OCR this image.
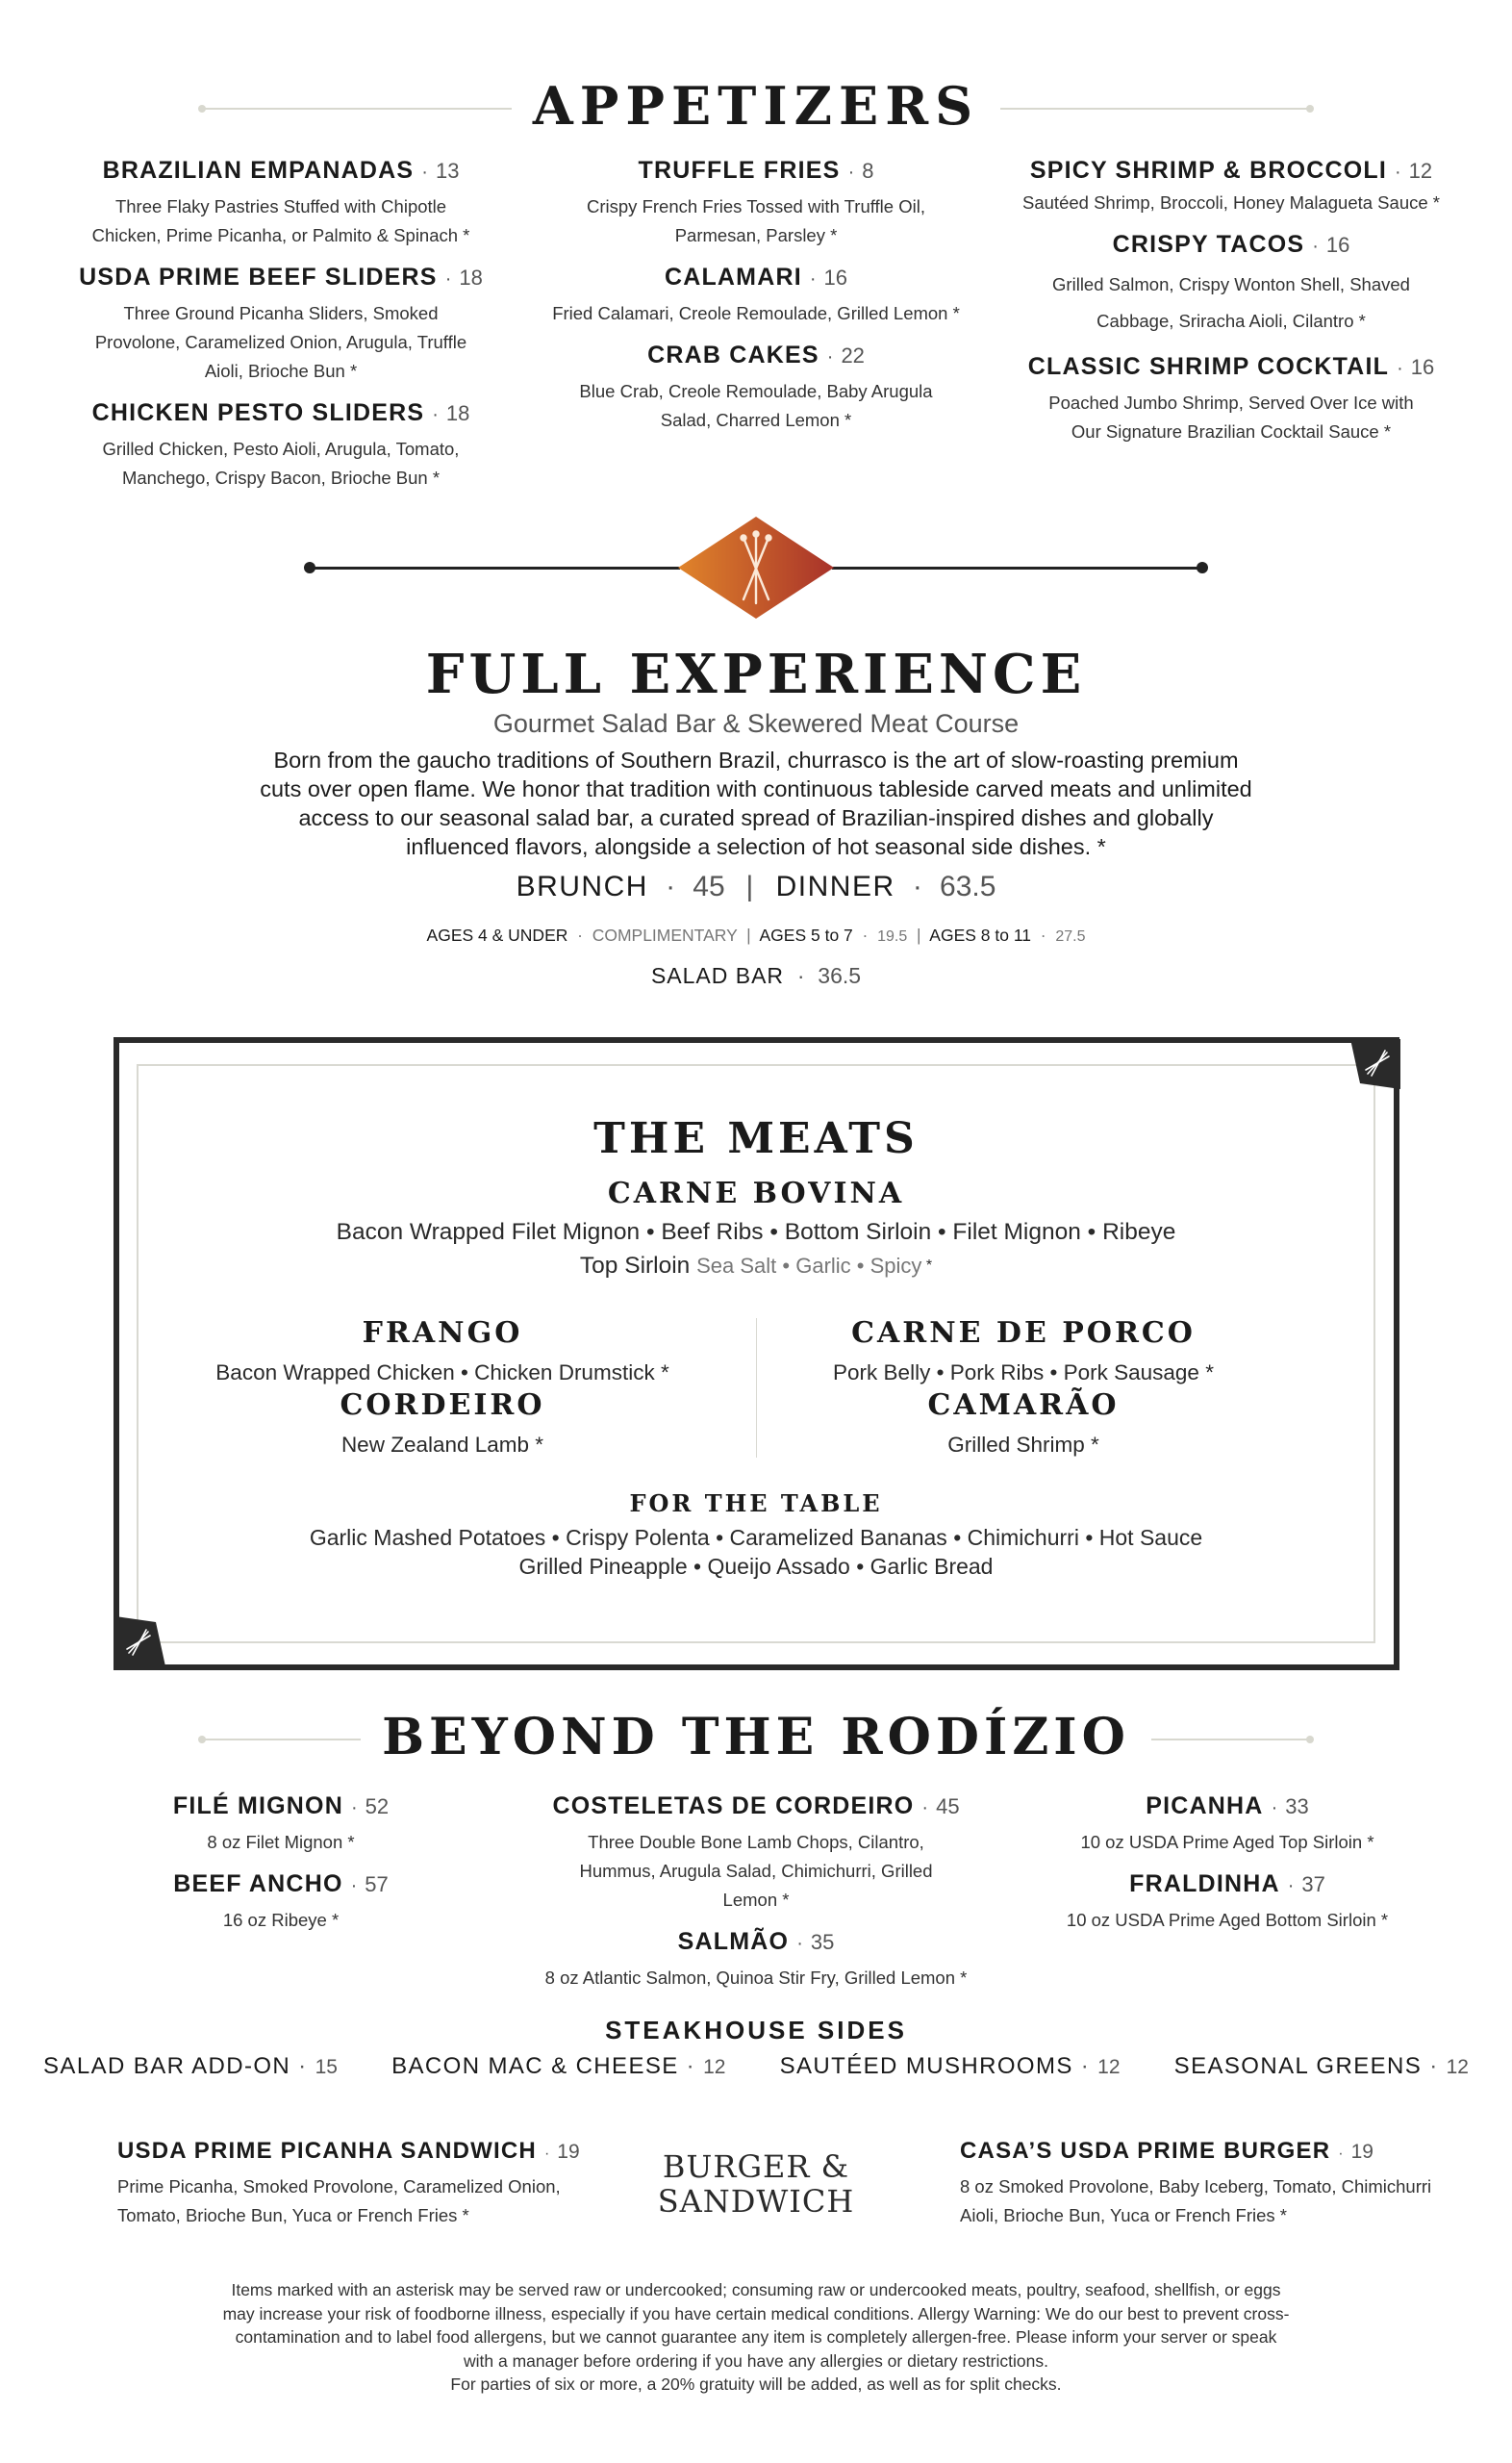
APPETIZERS
BRAZILIAN EMPANADAS · 13
Three Flaky Pastries Stuffed with Chipotle Chicken, Prime Picanha, or Palmito & Spinach *
USDA PRIME BEEF SLIDERS · 18
Three Ground Picanha Sliders, Smoked Provolone, Caramelized Onion, Arugula, Truffle Aioli, Brioche Bun *
CHICKEN PESTO SLIDERS · 18
Grilled Chicken, Pesto Aioli, Arugula, Tomato, Manchego, Crispy Bacon, Brioche Bun *
TRUFFLE FRIES · 8
Crispy French Fries Tossed with Truffle Oil, Parmesan, Parsley *
CALAMARI · 16
Fried Calamari, Creole Remoulade, Grilled Lemon *
CRAB CAKES · 22
Blue Crab, Creole Remoulade, Baby Arugula Salad, Charred Lemon *
SPICY SHRIMP & BROCCOLI · 12
Sautéed Shrimp, Broccoli, Honey Malagueta Sauce *
CRISPY TACOS · 16
Grilled Salmon, Crispy Wonton Shell, Shaved Cabbage, Sriracha Aioli, Cilantro *
CLASSIC SHRIMP COCKTAIL · 16
Poached Jumbo Shrimp, Served Over Ice with Our Signature Brazilian Cocktail Sauce *
FULL EXPERIENCE
Gourmet Salad Bar & Skewered Meat Course
Born from the gaucho traditions of Southern Brazil, churrasco is the art of slow-roasting premium cuts over open flame. We honor that tradition with continuous tableside carved meats and unlimited access to our seasonal salad bar, a curated spread of Brazilian-inspired dishes and globally influenced flavors, alongside a selection of hot seasonal side dishes. *
BRUNCH  ·  45 | DINNER  ·  63.5
AGES 4 & UNDER  ·  COMPLIMENTARY  |  AGES 5 to 7  ·  19.5  |  AGES 8 to 11  ·  27.5
SALAD BAR  ·  36.5
THE MEATS
CARNE BOVINA
Bacon Wrapped Filet Mignon • Beef Ribs • Bottom Sirloin • Filet Mignon • Ribeye
Top Sirloin Sea Salt • Garlic • Spicy *
FRANGO
Bacon Wrapped Chicken • Chicken Drumstick *
CORDEIRO
New Zealand Lamb *
CARNE DE PORCO
Pork Belly • Pork Ribs • Pork Sausage *
CAMARÃO
Grilled Shrimp *
FOR THE TABLE
Garlic Mashed Potatoes • Crispy Polenta • Caramelized Bananas • Chimichurri • Hot Sauce
Grilled Pineapple • Queijo Assado • Garlic Bread
BEYOND THE RODÍZIO
FILÉ MIGNON · 52
8 oz Filet Mignon *
BEEF ANCHO · 57
16 oz Ribeye *
COSTELETAS DE CORDEIRO · 45
Three Double Bone Lamb Chops, Cilantro, Hummus, Arugula Salad, Chimichurri, Grilled Lemon *
SALMÃO · 35
8 oz Atlantic Salmon, Quinoa Stir Fry, Grilled Lemon *
PICANHA · 33
10 oz USDA Prime Aged Top Sirloin *
FRALDINHA · 37
10 oz USDA Prime Aged Bottom Sirloin *
STEAKHOUSE SIDES
SALAD BAR ADD-ON · 15 BACON MAC & CHEESE · 12 SAUTÉED MUSHROOMS · 12 SEASONAL GREENS · 12
USDA PRIME PICANHA SANDWICH · 19
Prime Picanha, Smoked Provolone, Caramelized Onion, Tomato, Brioche Bun, Yuca or French Fries *
BURGER &
SANDWICH
CASA’S USDA PRIME BURGER · 19
8 oz Smoked Provolone, Baby Iceberg, Tomato, Chimichurri Aioli, Brioche Bun, Yuca or French Fries *
Items marked with an asterisk may be served raw or undercooked; consuming raw or undercooked meats, poultry, seafood, shellfish, or eggs may increase your risk of foodborne illness, especially if you have certain medical conditions. Allergy Warning: We do our best to prevent cross-contamination and to label food allergens, but we cannot guarantee any item is completely allergen-free. Please inform your server or speak with a manager before ordering if you have any allergies or dietary restrictions.
For parties of six or more, a 20% gratuity will be added, as well as for split checks.
